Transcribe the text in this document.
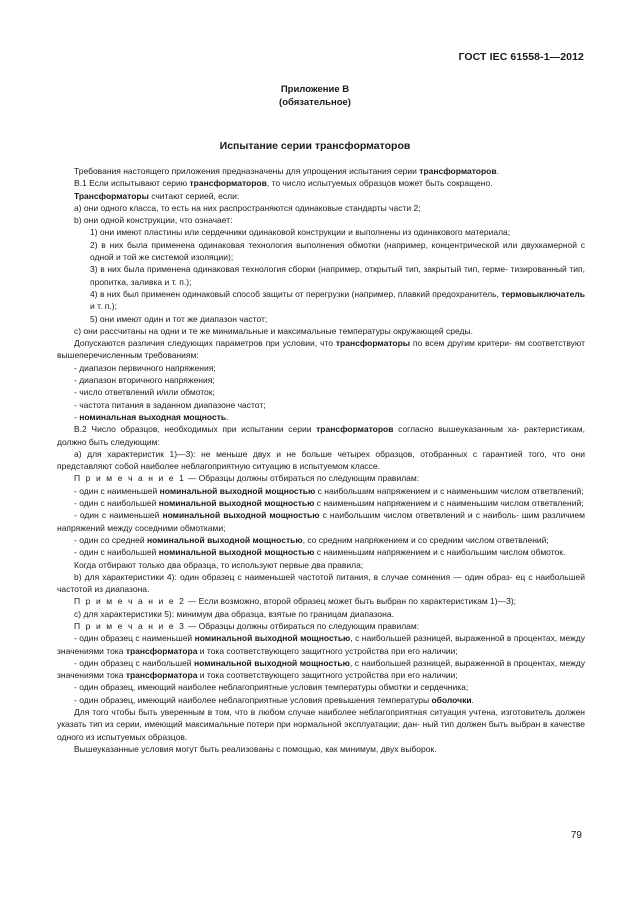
ГОСТ IEC 61558-1—2012
Приложение В
(обязательное)
Испытание серии трансформаторов

Требования настоящего приложения предназначены для упрощения испытания серии трансформаторов.

В.1 Если испытывают серию трансформаторов, то число испытуемых образцов может быть сокращено.

Трансформаторы считают серией, если:

a) они одного класса, то есть на них распространяются одинаковые стандарты части 2;

b) они одной конструкции, что означает:

1) они имеют пластины или сердечники одинаковой конструкции и выполнены из одинакового материала;

2) в них была применена одинаковая технология выполнения обмотки (например, концентрической или двухкамерной с одной и той же системой изоляции);

3) в них была применена одинаковая технология сборки (например, открытый тип, закрытый тип, гермe- тизированный тип, пропитка, заливка и т. п.);

4) в них был применен одинаковый способ защиты от перегрузки (например, плавкий предохранитель, термовыключатель и т. п.);

5) они имеют один и тот же диапазон частот;

c) они рассчитаны на одни и те же минимальные и максимальные температуры окружающей среды.

Допускаются различия следующих параметров при условии, что трансформаторы по всем другим критери- ям соответствуют вышеперечисленным требованиям:

- диапазон первичного напряжения;

- диапазон вторичного напряжения;

- число ответвлений и/или обмоток;

- частота питания в заданном диапазоне частот;

- номинальная выходная мощность.

В.2 Число образцов, необходимых при испытании серии трансформаторов согласно вышеуказанным ха- рактеристикам, должно быть следующим:

a) для характеристик 1)—3): не меньше двух и не больше четырех образцов, отобранных с гарантией того, что они представляют собой наиболее неблагоприятную ситуацию в испытуемом классе.

П р и м е ч а н и е 1 — Образцы должны отбираться по следующим правилам:

- один с наименьшей номинальной выходной мощностью с наибольшим напряжением и с наименьшим числом ответвлений;

- один с наибольшей номинальной выходной мощностью с наименьшим напряжением и с наименьшим числом ответвлений;

- один с наименьшей номинальной выходной мощностью с наибольшим числом ответвлений и с наиболь- шим различием напряжений между соседними обмотками;

- один со средней номинальной выходной мощностью, со средним напряжением и со средним числом ответвлений;

- один с наибольшей номинальной выходной мощностью с наименьшим напряжением и с наибольшим числом обмоток.

Когда отбирают только два образца, то используют первые два правила;

b) для характеристики 4): один образец с наименьшей частотой питания, в случае сомнения — один образ- ец с наибольшей частотой из диапазона.

П р и м е ч а н и е 2 — Если возможно, второй образец может быть выбран по характеристикам 1)—3);

c) для характеристики 5): минимум два образца, взятые по границам диапазона.

П р и м е ч а н и е 3 — Образцы должны отбираться по следующим правилам:

- один образец с наименьшей номинальной выходной мощностью, с наибольшей разницей, выраженной в процентах, между значениями тока трансформатора и тока соответствующего защитного устройства при его наличии;

- один образец с наибольшей номинальной выходной мощностью, с наибольшей разницей, выраженной в процентах, между значениями тока трансформатора и тока соответствующего защитного устройства при его наличии;

- один образец, имеющий наиболее неблагоприятные условия температуры обмотки и сердечника;

- один образец, имеющий наиболее неблагоприятные условия превышения температуры оболочки.

Для того чтобы быть уверенным в том, что в любом случае наиболее неблагоприятная ситуация учтена, изготовитель должен указать тип из серии, имеющий максимальные потери при нормальной эксплуатации; дан- ный тип должен быть выбран в качестве одного из испытуемых образцов.

Вышеуказанные условия могут быть реализованы с помощью, как минимум, двух выборок.

79
